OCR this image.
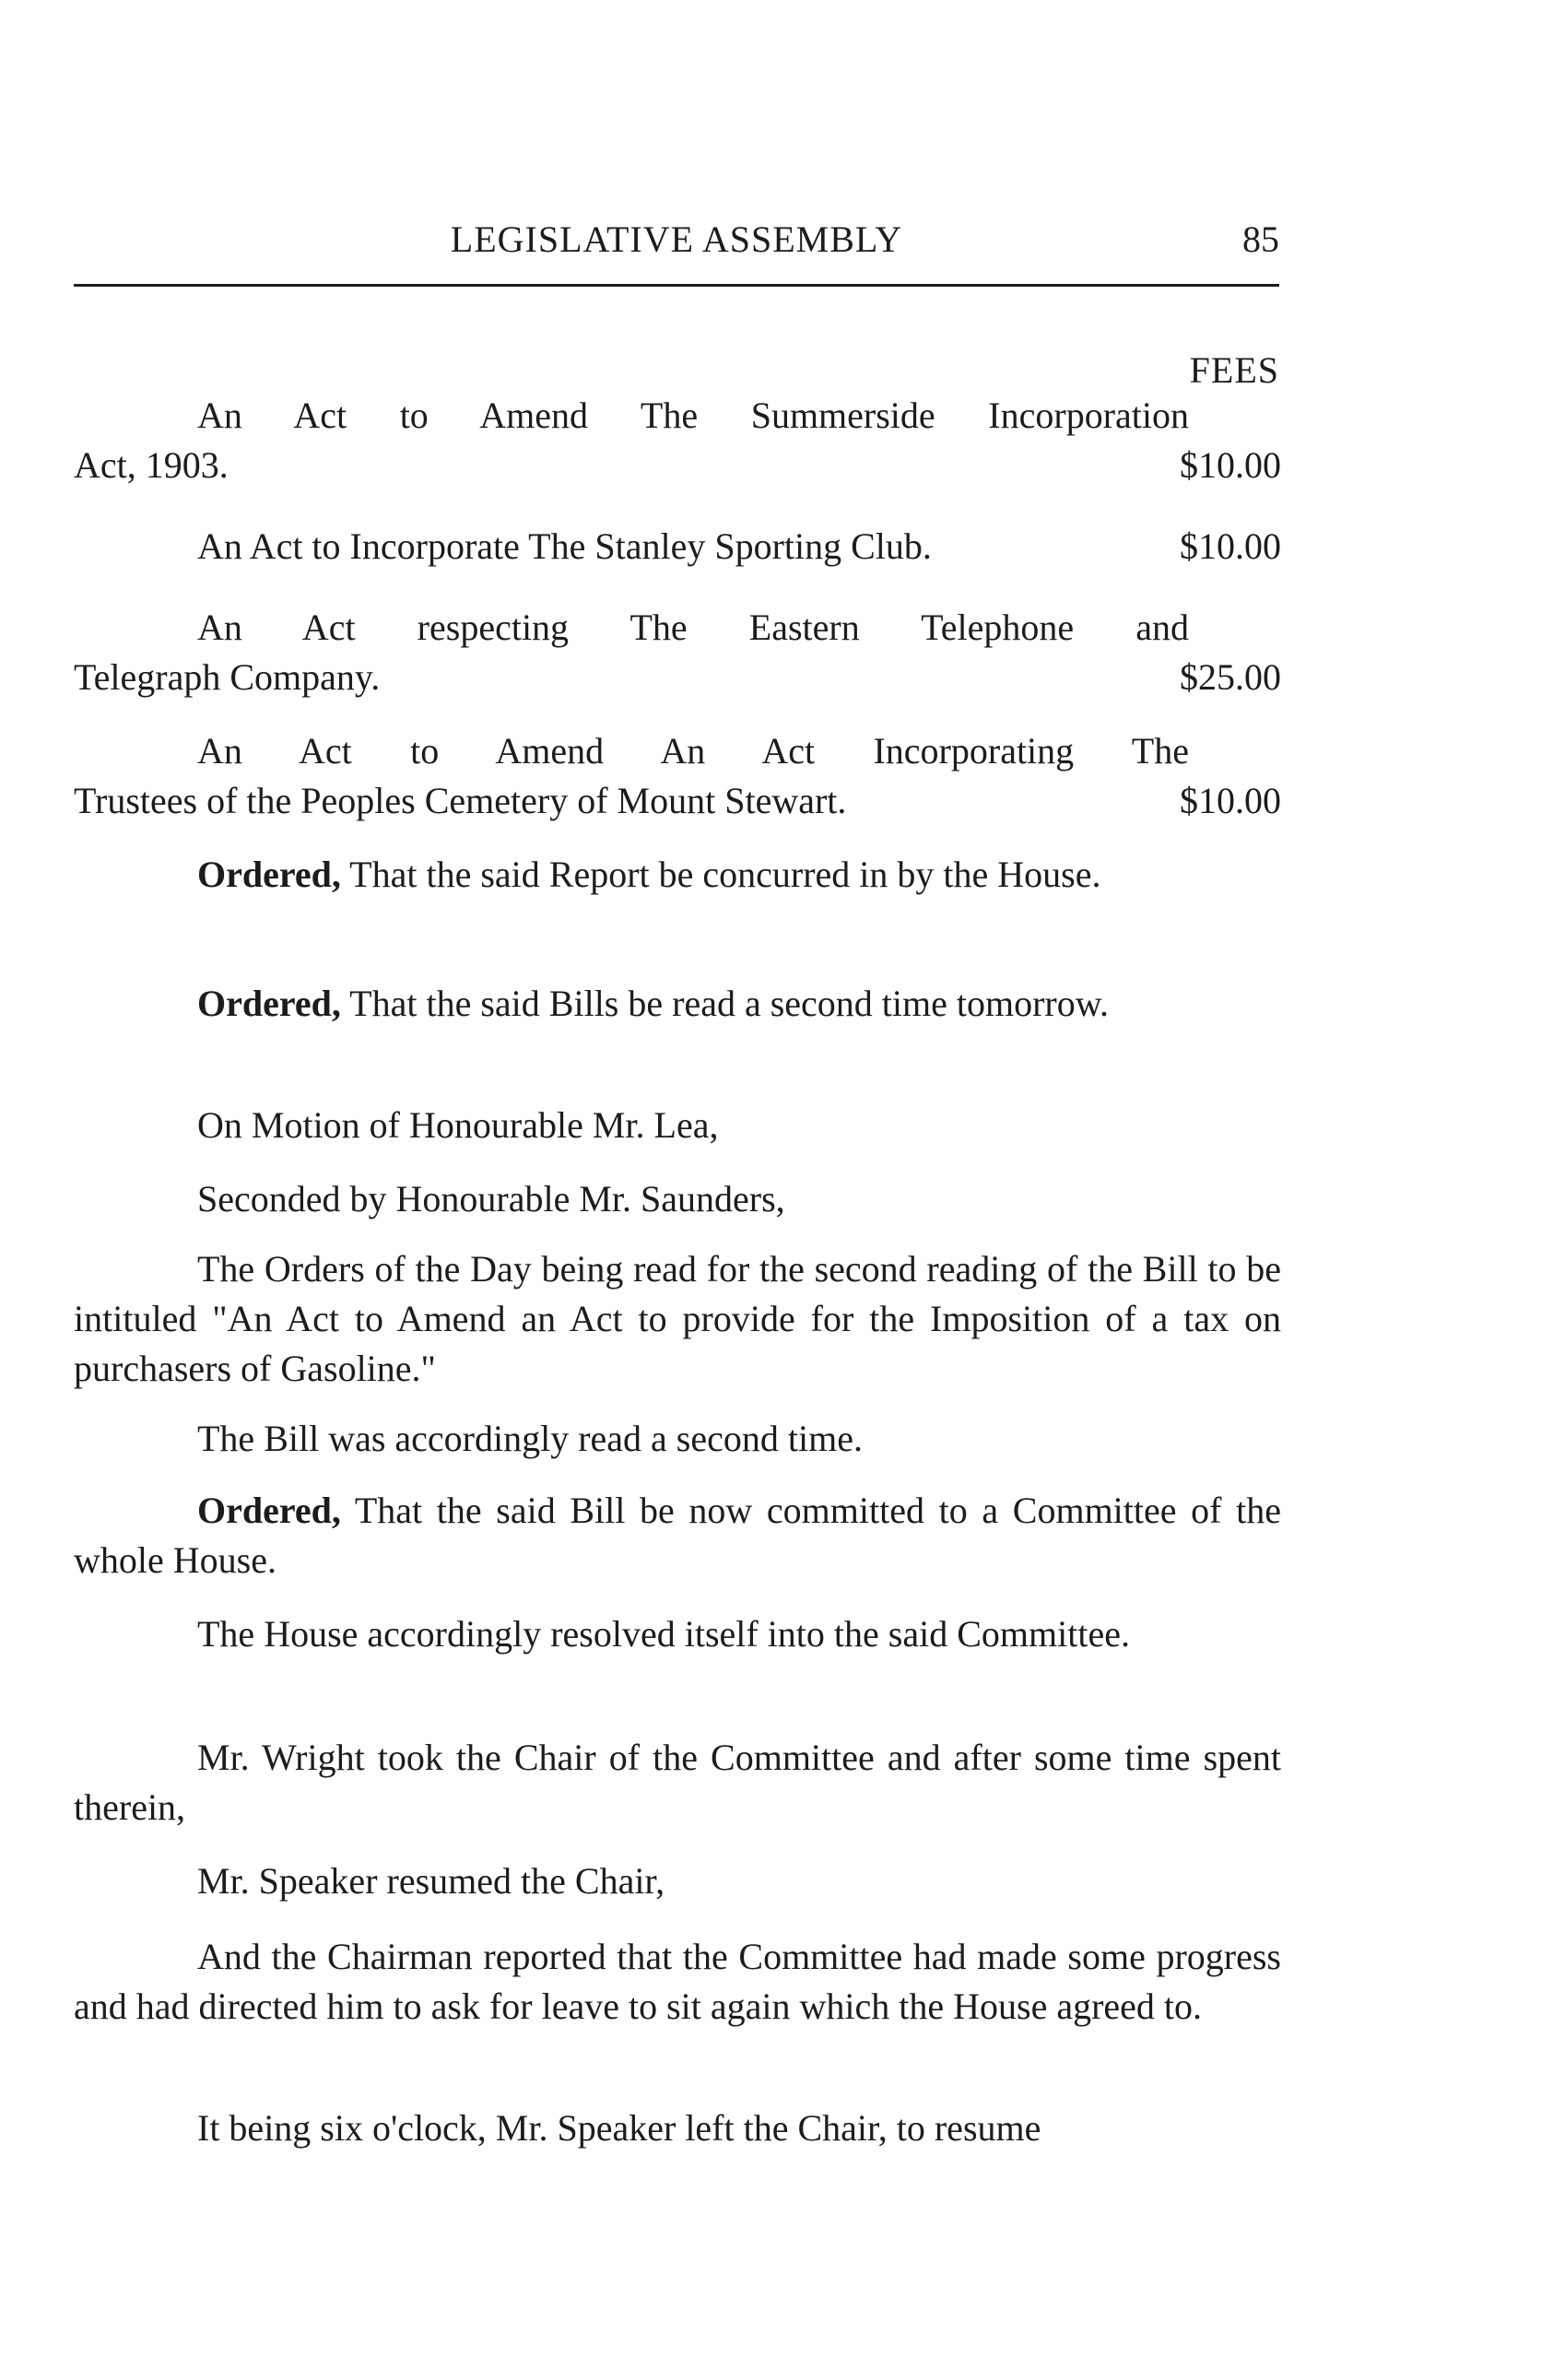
LEGISLATIVE ASSEMBLY	85
FEES
An Act to Amend The Summerside Incorporation
Act, 1903.	$10.00
An Act to Incorporate The Stanley Sporting Club.	$10.00
An Act respecting The Eastern Telephone and
Telegraph Company.	$25.00
An Act to Amend An Act Incorporating The
Trustees of the Peoples Cemetery of Mount Stewart.	$10.00
Ordered, That the said Report be concurred in by the House.
Ordered, That the said Bills be read a second time tomorrow.
On Motion of Honourable Mr. Lea,
Seconded by Honourable Mr. Saunders,
The Orders of the Day being read for the second reading of the Bill to be intituled "An Act to Amend an Act to provide for the Imposition of a tax on purchasers of Gasoline."
The Bill was accordingly read a second time.
Ordered, That the said Bill be now committed to a Committee of the whole House.
The House accordingly resolved itself into the said Committee.
Mr. Wright took the Chair of the Committee and after some time spent therein,
Mr. Speaker resumed the Chair,
And the Chairman reported that the Committee had made some progress and had directed him to ask for leave to sit again which the House agreed to.
It being six o'clock, Mr. Speaker left the Chair, to resume
